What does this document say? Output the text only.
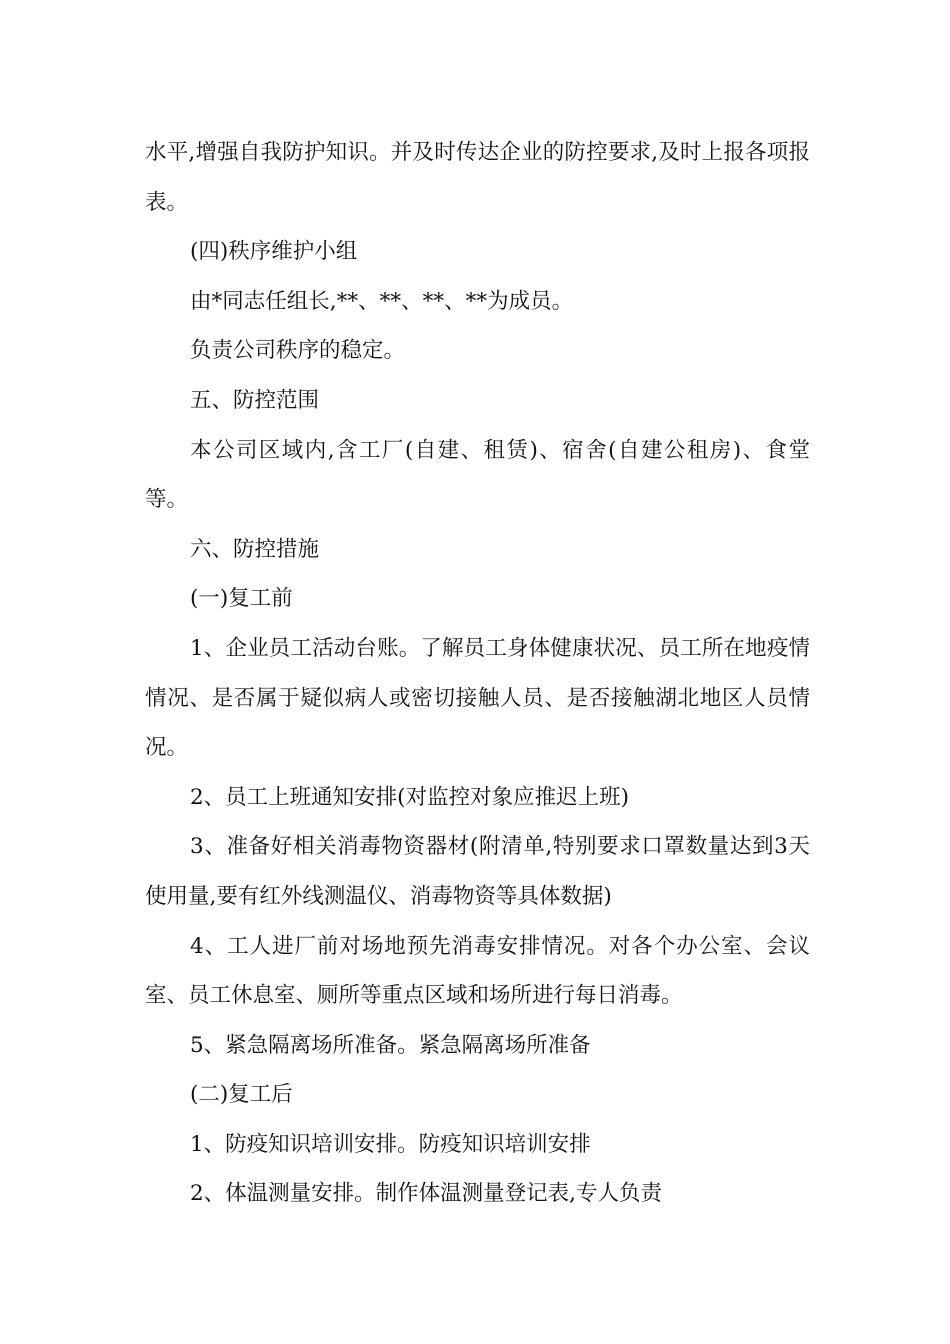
水平,增强自我防护知识。并及时传达企业的防控要求,及时上报各项报表。

(四)秩序维护小组

由*同志任组长,**、**、**、**为成员。

负责公司秩序的稳定。

五、防控范围

本公司区域内,含工厂(自建、租赁)、宿舍(自建公租房)、食堂等。

六、防控措施

(一)复工前

1、企业员工活动台账。了解员工身体健康状况、员工所在地疫情情况、是否属于疑似病人或密切接触人员、是否接触湖北地区人员情况。

2、员工上班通知安排(对监控对象应推迟上班)

3、准备好相关消毒物资器材(附清单,特别要求口罩数量达到3天使用量,要有红外线测温仪、消毒物资等具体数据)

4、工人进厂前对场地预先消毒安排情况。对各个办公室、会议室、员工休息室、厕所等重点区域和场所进行每日消毒。

5、紧急隔离场所准备。紧急隔离场所准备

(二)复工后

1、防疫知识培训安排。防疫知识培训安排

2、体温测量安排。制作体温测量登记表,专人负责
